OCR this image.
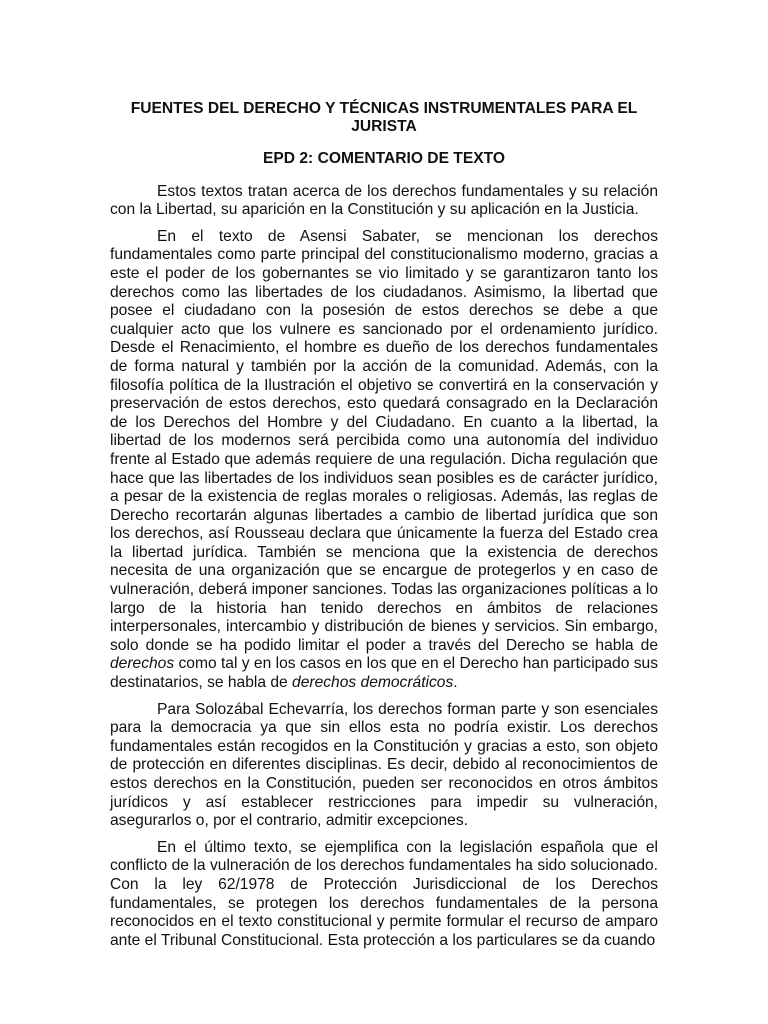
FUENTES DEL DERECHO Y TÉCNICAS INSTRUMENTALES PARA EL JURISTA
EPD 2: COMENTARIO DE TEXTO

Estos textos tratan acerca de los derechos fundamentales y su relación con la Libertad, su aparición en la Constitución y su aplicación en la Justicia.

En el texto de Asensi Sabater, se mencionan los derechos fundamentales como parte principal del constitucionalismo moderno, gracias a este el poder de los gobernantes se vio limitado y se garantizaron tanto los derechos como las libertades de los ciudadanos. Asimismo, la libertad que posee el ciudadano con la posesión de estos derechos se debe a que cualquier acto que los vulnere es sancionado por el ordenamiento jurídico. Desde el Renacimiento, el hombre es dueño de los derechos fundamentales de forma natural y también por la acción de la comunidad. Además, con la filosofía política de la Ilustración el objetivo se convertirá en la conservación y preservación de estos derechos, esto quedará consagrado en la Declaración de los Derechos del Hombre y del Ciudadano. En cuanto a la libertad, la libertad de los modernos será percibida como una autonomía del individuo frente al Estado que además requiere de una regulación. Dicha regulación que hace que las libertades de los individuos sean posibles es de carácter jurídico, a pesar de la existencia de reglas morales o religiosas. Además, las reglas de Derecho recortarán algunas libertades a cambio de libertad jurídica que son los derechos, así Rousseau declara que únicamente la fuerza del Estado crea la libertad jurídica. También se menciona que la existencia de derechos necesita de una organización que se encargue de protegerlos y en caso de vulneración, deberá imponer sanciones. Todas las organizaciones políticas a lo largo de la historia han tenido derechos en ámbitos de relaciones interpersonales, intercambio y distribución de bienes y servicios. Sin embargo, solo donde se ha podido limitar el poder a través del Derecho se habla de derechos como tal y en los casos en los que en el Derecho han participado sus destinatarios, se habla de derechos democráticos.

Para Solozábal Echevarría, los derechos forman parte y son esenciales para la democracia ya que sin ellos esta no podría existir. Los derechos fundamentales están recogidos en la Constitución y gracias a esto, son objeto de protección en diferentes disciplinas. Es decir, debido al reconocimientos de estos derechos en la Constitución, pueden ser reconocidos en otros ámbitos jurídicos y así establecer restricciones para impedir su vulneración, asegurarlos o, por el contrario, admitir excepciones.

En el último texto, se ejemplifica con la legislación española que el conflicto de la vulneración de los derechos fundamentales ha sido solucionado. Con la ley 62/1978 de Protección Jurisdiccional de los Derechos fundamentales, se protegen los derechos fundamentales de la persona reconocidos en el texto constitucional y permite formular el recurso de amparo ante el Tribunal Constitucional. Esta protección a los particulares se da cuando
